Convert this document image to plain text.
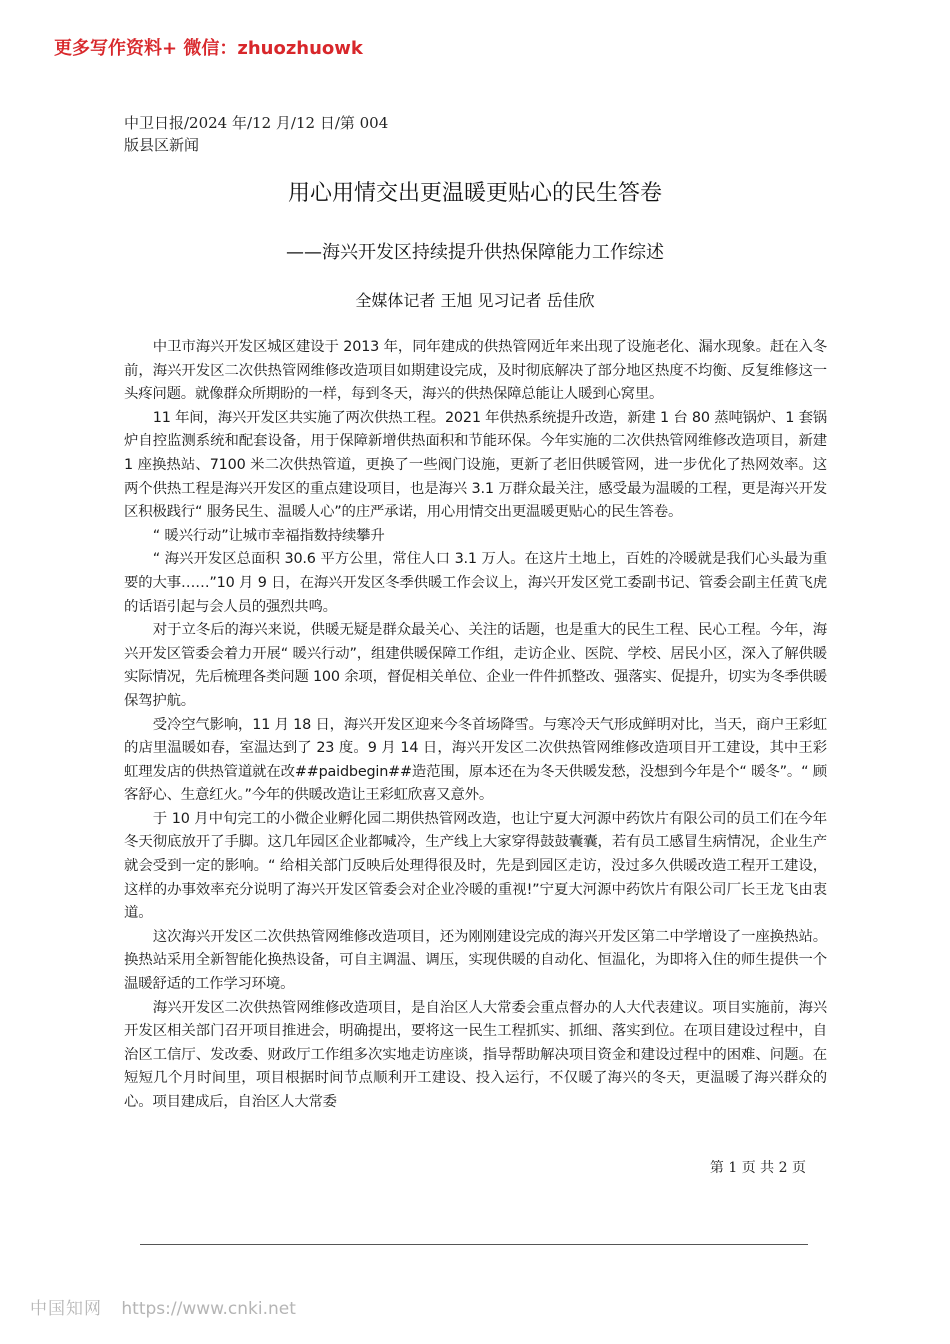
更多写作资料+ 微信：zhuozhuowk
中卫日报/2024 年/12 月/12 日/第 004
版县区新闻
用心用情交出更温暖更贴心的民生答卷
——海兴开发区持续提升供热保障能力工作综述
全媒体记者 王旭 见习记者 岳佳欣

中卫市海兴开发区城区建设于 2013 年，同年建成的供热管网近年来出现了设施老化、漏水现象。赶在入冬前，海兴开发区二次供热管网维修改造项目如期建设完成，及时彻底解决了部分地区热度不均衡、反复维修这一头疼问题。就像群众所期盼的一样，每到冬天，海兴的供热保障总能让人暖到心窝里。

11 年间，海兴开发区共实施了两次供热工程。2021 年供热系统提升改造，新建 1 台 80 蒸吨锅炉、1 套锅炉自控监测系统和配套设备，用于保障新增供热面积和节能环保。今年实施的二次供热管网维修改造项目，新建 1 座换热站、7100 米二次供热管道，更换了一些阀门设施，更新了老旧供暖管网，进一步优化了热网效率。这两个供热工程是海兴开发区的重点建设项目，也是海兴 3.1 万群众最关注，感受最为温暖的工程，更是海兴开发区积极践行“ 服务民生、温暖人心”的庄严承诺，用心用情交出更温暖更贴心的民生答卷。

“ 暖兴行动”让城市幸福指数持续攀升

“ 海兴开发区总面积 30.6 平方公里，常住人口 3.1 万人。在这片土地上，百姓的冷暖就是我们心头最为重要的大事……”10 月 9 日，在海兴开发区冬季供暖工作会议上，海兴开发区党工委副书记、管委会副主任黄飞虎的话语引起与会人员的强烈共鸣。

对于立冬后的海兴来说，供暖无疑是群众最关心、关注的话题，也是重大的民生工程、民心工程。今年，海兴开发区管委会着力开展“ 暖兴行动”，组建供暖保障工作组，走访企业、医院、学校、居民小区，深入了解供暖实际情况，先后梳理各类问题 100 余项，督促相关单位、企业一件件抓整改、强落实、促提升，切实为冬季供暖保驾护航。

受冷空气影响，11 月 18 日，海兴开发区迎来今冬首场降雪。与寒冷天气形成鲜明对比，当天，商户王彩虹的店里温暖如春，室温达到了 23 度。9 月 14 日，海兴开发区二次供热管网维修改造项目开工建设，其中王彩虹理发店的供热管道就在改##paidbegin##造范围，原本还在为冬天供暖发愁，没想到今年是个“ 暖冬”。“ 顾客舒心、生意红火。”今年的供暖改造让王彩虹欣喜又意外。

于 10 月中旬完工的小微企业孵化园二期供热管网改造，也让宁夏大河源中药饮片有限公司的员工们在今年冬天彻底放开了手脚。这几年园区企业都喊冷，生产线上大家穿得鼓鼓囊囊，若有员工感冒生病情况，企业生产就会受到一定的影响。“ 给相关部门反映后处理得很及时，先是到园区走访，没过多久供暖改造工程开工建设，这样的办事效率充分说明了海兴开发区管委会对企业冷暖的重视!”宁夏大河源中药饮片有限公司厂长王龙飞由衷道。

这次海兴开发区二次供热管网维修改造项目，还为刚刚建设完成的海兴开发区第二中学增设了一座换热站。换热站采用全新智能化换热设备，可自主调温、调压，实现供暖的自动化、恒温化，为即将入住的师生提供一个温暖舒适的工作学习环境。

海兴开发区二次供热管网维修改造项目，是自治区人大常委会重点督办的人大代表建议。项目实施前，海兴开发区相关部门召开项目推进会，明确提出，要将这一民生工程抓实、抓细、落实到位。在项目建设过程中，自治区工信厅、发改委、财政厅工作组多次实地走访座谈，指导帮助解决项目资金和建设过程中的困难、问题。在短短几个月时间里，项目根据时间节点顺利开工建设、投入运行，不仅暖了海兴的冬天，更温暖了海兴群众的心。项目建成后，自治区人大常委

第 1 页 共 2 页
中国知网 https://www.cnki.net
